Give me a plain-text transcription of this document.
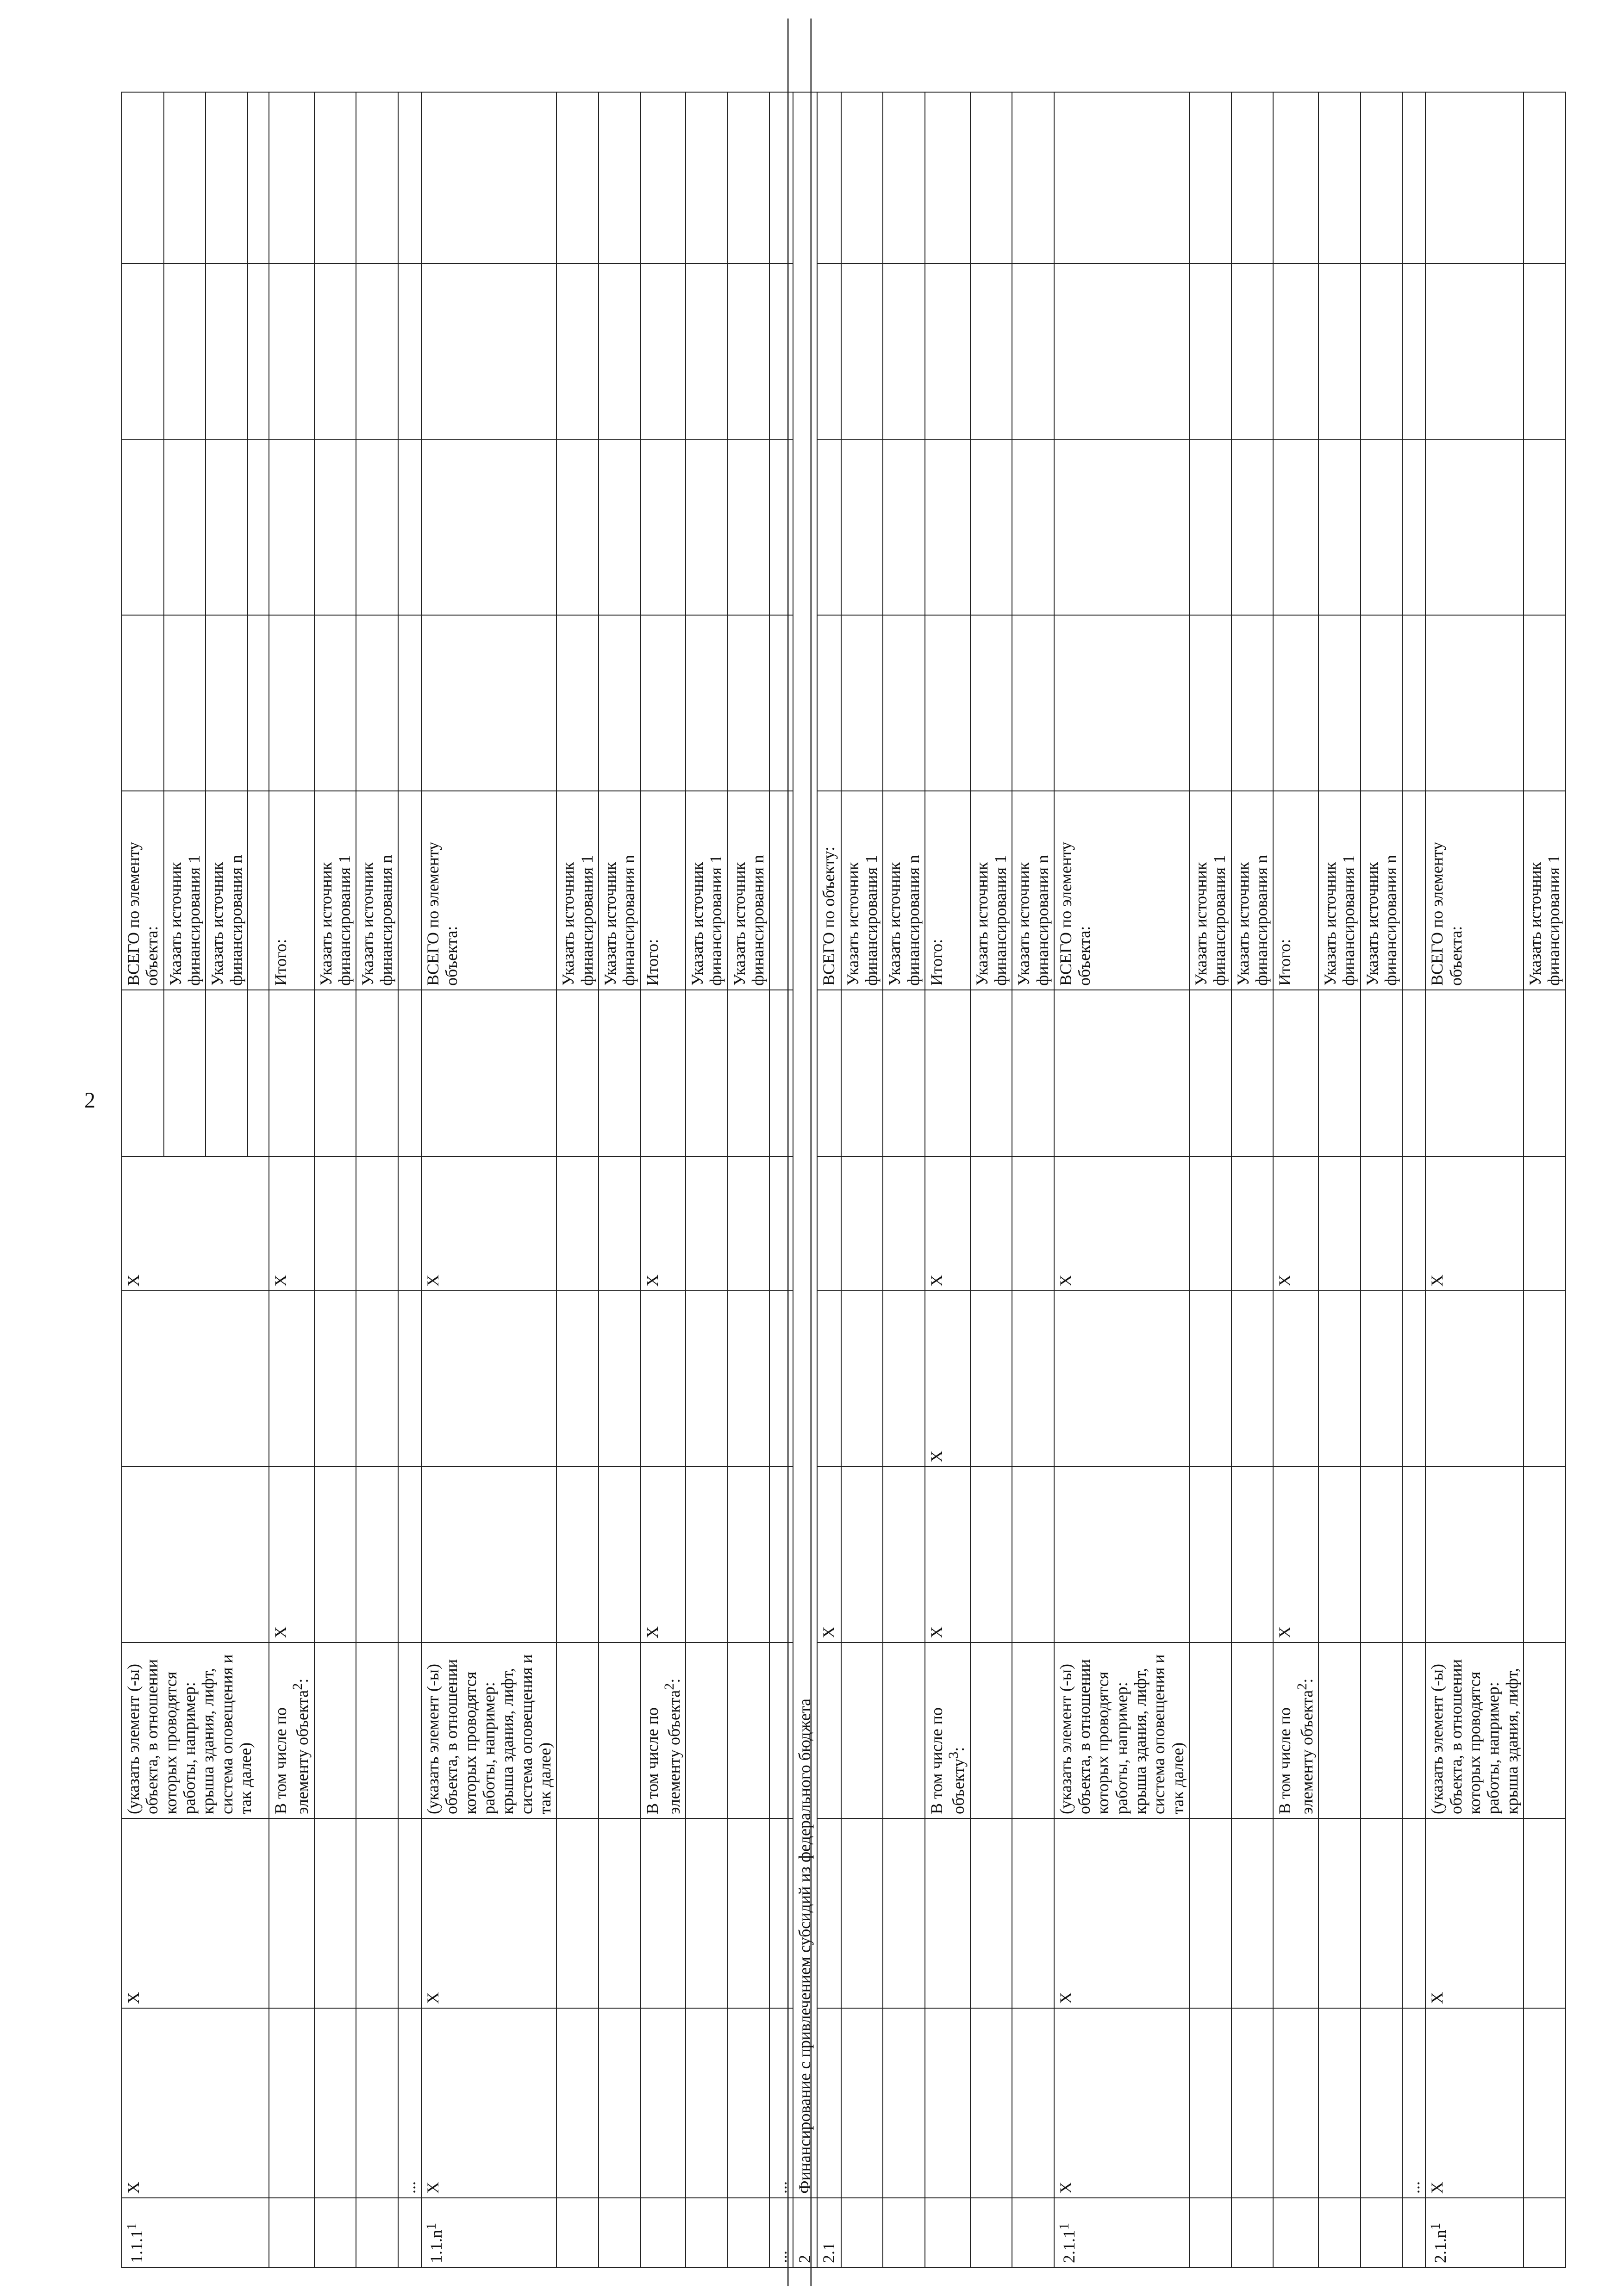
2
1.1.1$^1$	X	X	(указать элемент (-ы) объекта, в отношении которых проводятся работы, например: крыша здания, лифт, система оповещения и так далее)			X		ВСЕГО по элементу объекта:				
								Указать источник финансирования 1				
								Указать источник финансирования n				

			В том числе по элементу объекта$^2$:	X		X		Итого:				
								Указать источник финансирования 1				
								Указать источник финансирования n				
	...											
$1.1.n^1$	X	X	(указать элемент (-ы) объекта, в отношении которых проводятся работы, например: крыша здания, лифт, система оповещения и так далее)			X		ВСЕГО по элементу объекта:				
								Указать источник финансирования 1				
								Указать источник финансирования n				
			В том числе по элементу объекта$^2$:	X		X		Итого:				
								Указать источник финансирования 1				
								Указать источник финансирования n				
...	...											
2	Финансирование с привлечением субсидий из федерального бюджета											
2.1				X				ВСЕГО по объекту:				
								Указать источник финансирования 1				
								Указать источник финансирования n				
			В том числе по объекту$^3$:	X	X	X		Итого:				
								Указать источник финансирования 1				
								Указать источник финансирования n				
2.1.1$^1$	X	X	(указать элемент (-ы) объекта, в отношении которых проводятся работы, например: крыша здания, лифт, система оповещения и так далее)			X		ВСЕГО по элементу объекта:				
								Указать источник финансирования 1				
								Указать источник финансирования n				
			В том числе по элементу объекта$^2$:	X		X		Итого:				
								Указать источник финансирования 1				
								Указать источник финансирования n				
	...											
$2.1.n^1$	X	X	(указать элемент (-ы) объекта, в отношении которых проводятся работы, например: крыша здания, лифт,			X		ВСЕГО по элементу объекта:				
								Указать источник финансирования 1				
